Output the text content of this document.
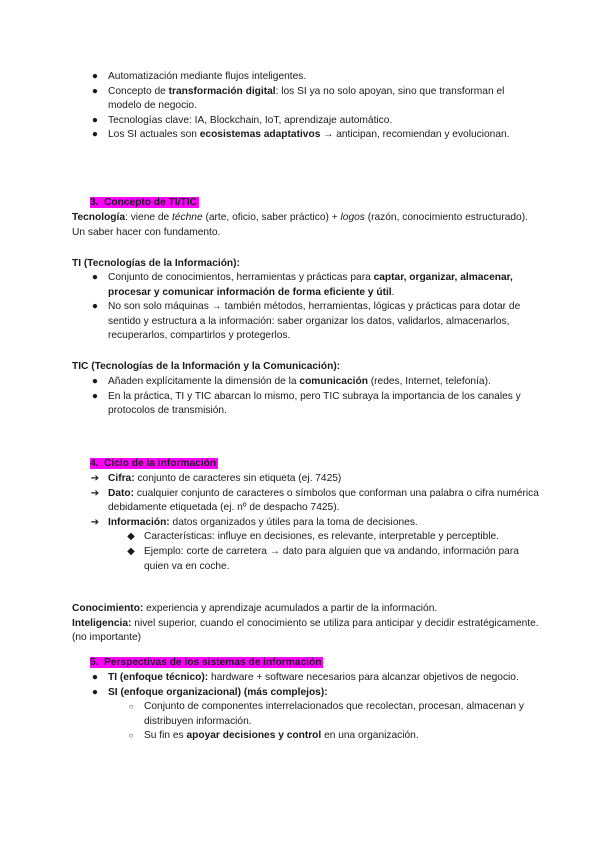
● Automatización mediante flujos inteligentes.
● Concepto de transformación digital: los SI ya no solo apoyan, sino que transforman el modelo de negocio.
● Tecnologías clave: IA, Blockchain, IoT, aprendizaje automático.
● Los SI actuales son ecosistemas adaptativos → anticipan, recomiendan y evolucionan.
3. Concepto de TI/TIC

Tecnología: viene de téchne (arte, oficio, saber práctico) + logos (razón, conocimiento estructurado). Un saber hacer con fundamento.

TI (Tecnologías de la Información):
● Conjunto de conocimientos, herramientas y prácticas para captar, organizar, almacenar, procesar y comunicar información de forma eficiente y útil.
● No son solo máquinas → también métodos, herramientas, lógicas y prácticas para dotar de sentido y estructura a la información: saber organizar los datos, validarlos, almacenarlos, recuperarlos, compartirlos y protegerlos.
TIC (Tecnologías de la Información y la Comunicación):
● Añaden explícitamente la dimensión de la comunicación (redes, Internet, telefonía).
● En la práctica, TI y TIC abarcan lo mismo, pero TIC subraya la importancia de los canales y protocolos de transmisión.
4. Ciclo de la información
➔ Cifra: conjunto de caracteres sin etiqueta (ej. 7425)
➔ Dato: cualquier conjunto de caracteres o símbolos que conforman una palabra o cifra numérica debidamente etiquetada (ej. nº de despacho 7425).
➔ Información: datos organizados y útiles para la toma de decisiones.
◆ Características: influye en decisiones, es relevante, interpretable y perceptible.
◆ Ejemplo: corte de carretera → dato para alguien que va andando, información para quien va en coche.

Conocimiento: experiencia y aprendizaje acumulados a partir de la información.

Inteligencia: nivel superior, cuando el conocimiento se utiliza para anticipar y decidir estratégicamente.(no importante)

5. Perspectivas de los sistemas de información
● TI (enfoque técnico): hardware + software necesarios para alcanzar objetivos de negocio.
● SI (enfoque organizacional) (más complejos):
○	Conjunto de componentes interrelacionados que recolectan, procesan, almacenan y distribuyen información.
○	Su fin es apoyar decisiones y control en una organización.
